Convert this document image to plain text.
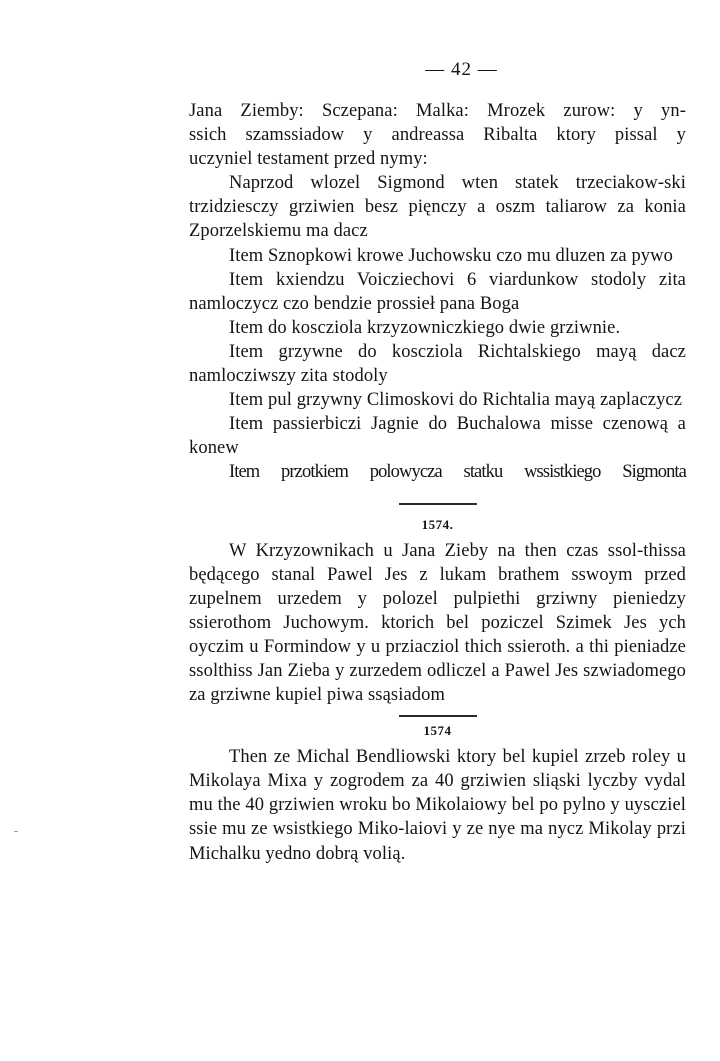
— 42 —

Jana Ziemby: Sczepana: Malka: Mrozek zurow: y yn-

ssich szamssiadow y andreassa Ribalta ktory pissal y

uczyniel testament przed nymy:

Naprzod wlozel Sigmond wten statek trzeciakow-ski trzidziesczy grziwien besz pięnczy a oszm taliarow za konia Zporzelskiemu ma dacz

Item Sznopkowi krowe Juchowsku czo mu dluzen za pywo

Item kxiendzu Voicziechovi 6 viardunkow stodoly zita namloczycz czo bendzie prossieł pana Boga

Item do koscziola krzyzowniczkiego dwie grziwnie.

Item grzywne do koscziola Richtalskiego mayą dacz namlocziwszy zita stodoly

Item pul grzywny Climoskovi do Richtalia mayą zaplaczycz

Item passierbiczi Jagnie do Buchalowa misse czenową a konew

Item przotkiem polowycza statku wssistkiego Sigmonta

1574.

W Krzyzownikach u Jana Zieby na then czas ssol-thissa będącego stanal Pawel Jes z lukam brathem sswoym przed zupelnem urzedem y polozel pulpiethi grziwny pieniedzy ssierothom Juchowym. ktorich bel poziczel Szimek Jes ych oyczim u Formindow y u prziacziol thich ssieroth. a thi pieniadze ssolthiss Jan Zieba y zurzedem odliczel a Pawel Jes szwiadomego za grziwne kupiel piwa ssąsiadom

1574

Then ze Michal Bendliowski ktory bel kupiel zrzeb roley u Mikolaya Mixa y zogrodem za 40 grziwien sliąski lyczby vydal mu the 40 grziwien wroku bo Mikolaiowy bel po pylno y uyscziel ssie mu ze wsistkiego Miko-laiovi y ze nye ma nycz Mikolay przi Michalku yedno dobrą volią.
